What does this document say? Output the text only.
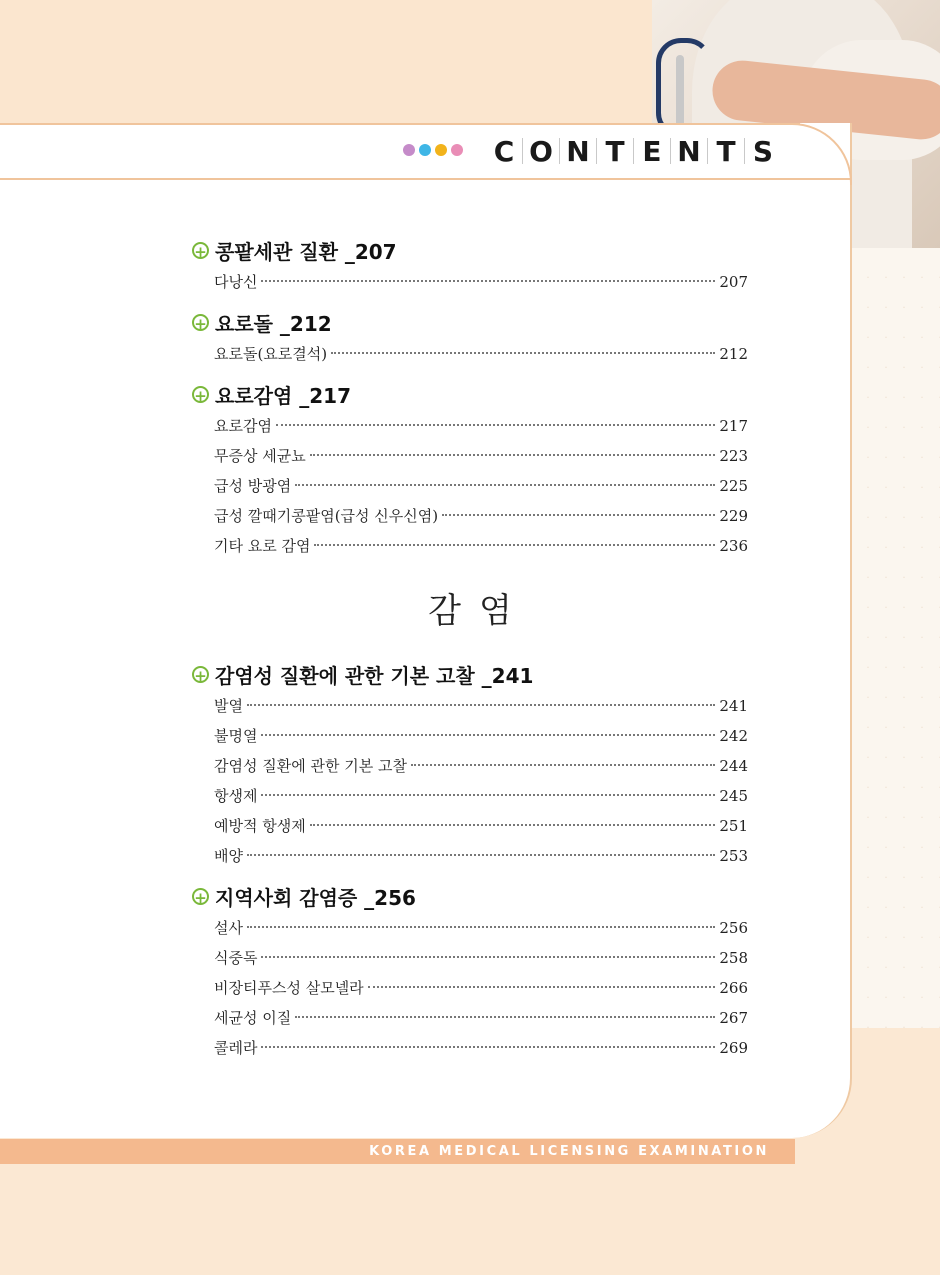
C O N T E N T S
+ 콩팥세관 질환 _207
다낭신	207
+ 요로돌 _212
요로돌(요로결석)	212
+ 요로감염 _217
요로감염	217
무증상 세균뇨	223
급성 방광염	225
급성 깔때기콩팥염(급성 신우신염)	229
기타 요로 감염	236
감염
+ 감염성 질환에 관한 기본 고찰 _241
발열	241
불명열	242
감염성 질환에 관한 기본 고찰	244
항생제	245
예방적 항생제	251
배양	253
+ 지역사회 감염증 _256
설사	256
식중독	258
비장티푸스성 살모넬라	266
세균성 이질	267
콜레라	269
KOREA MEDICAL LICENSING EXAMINATION
